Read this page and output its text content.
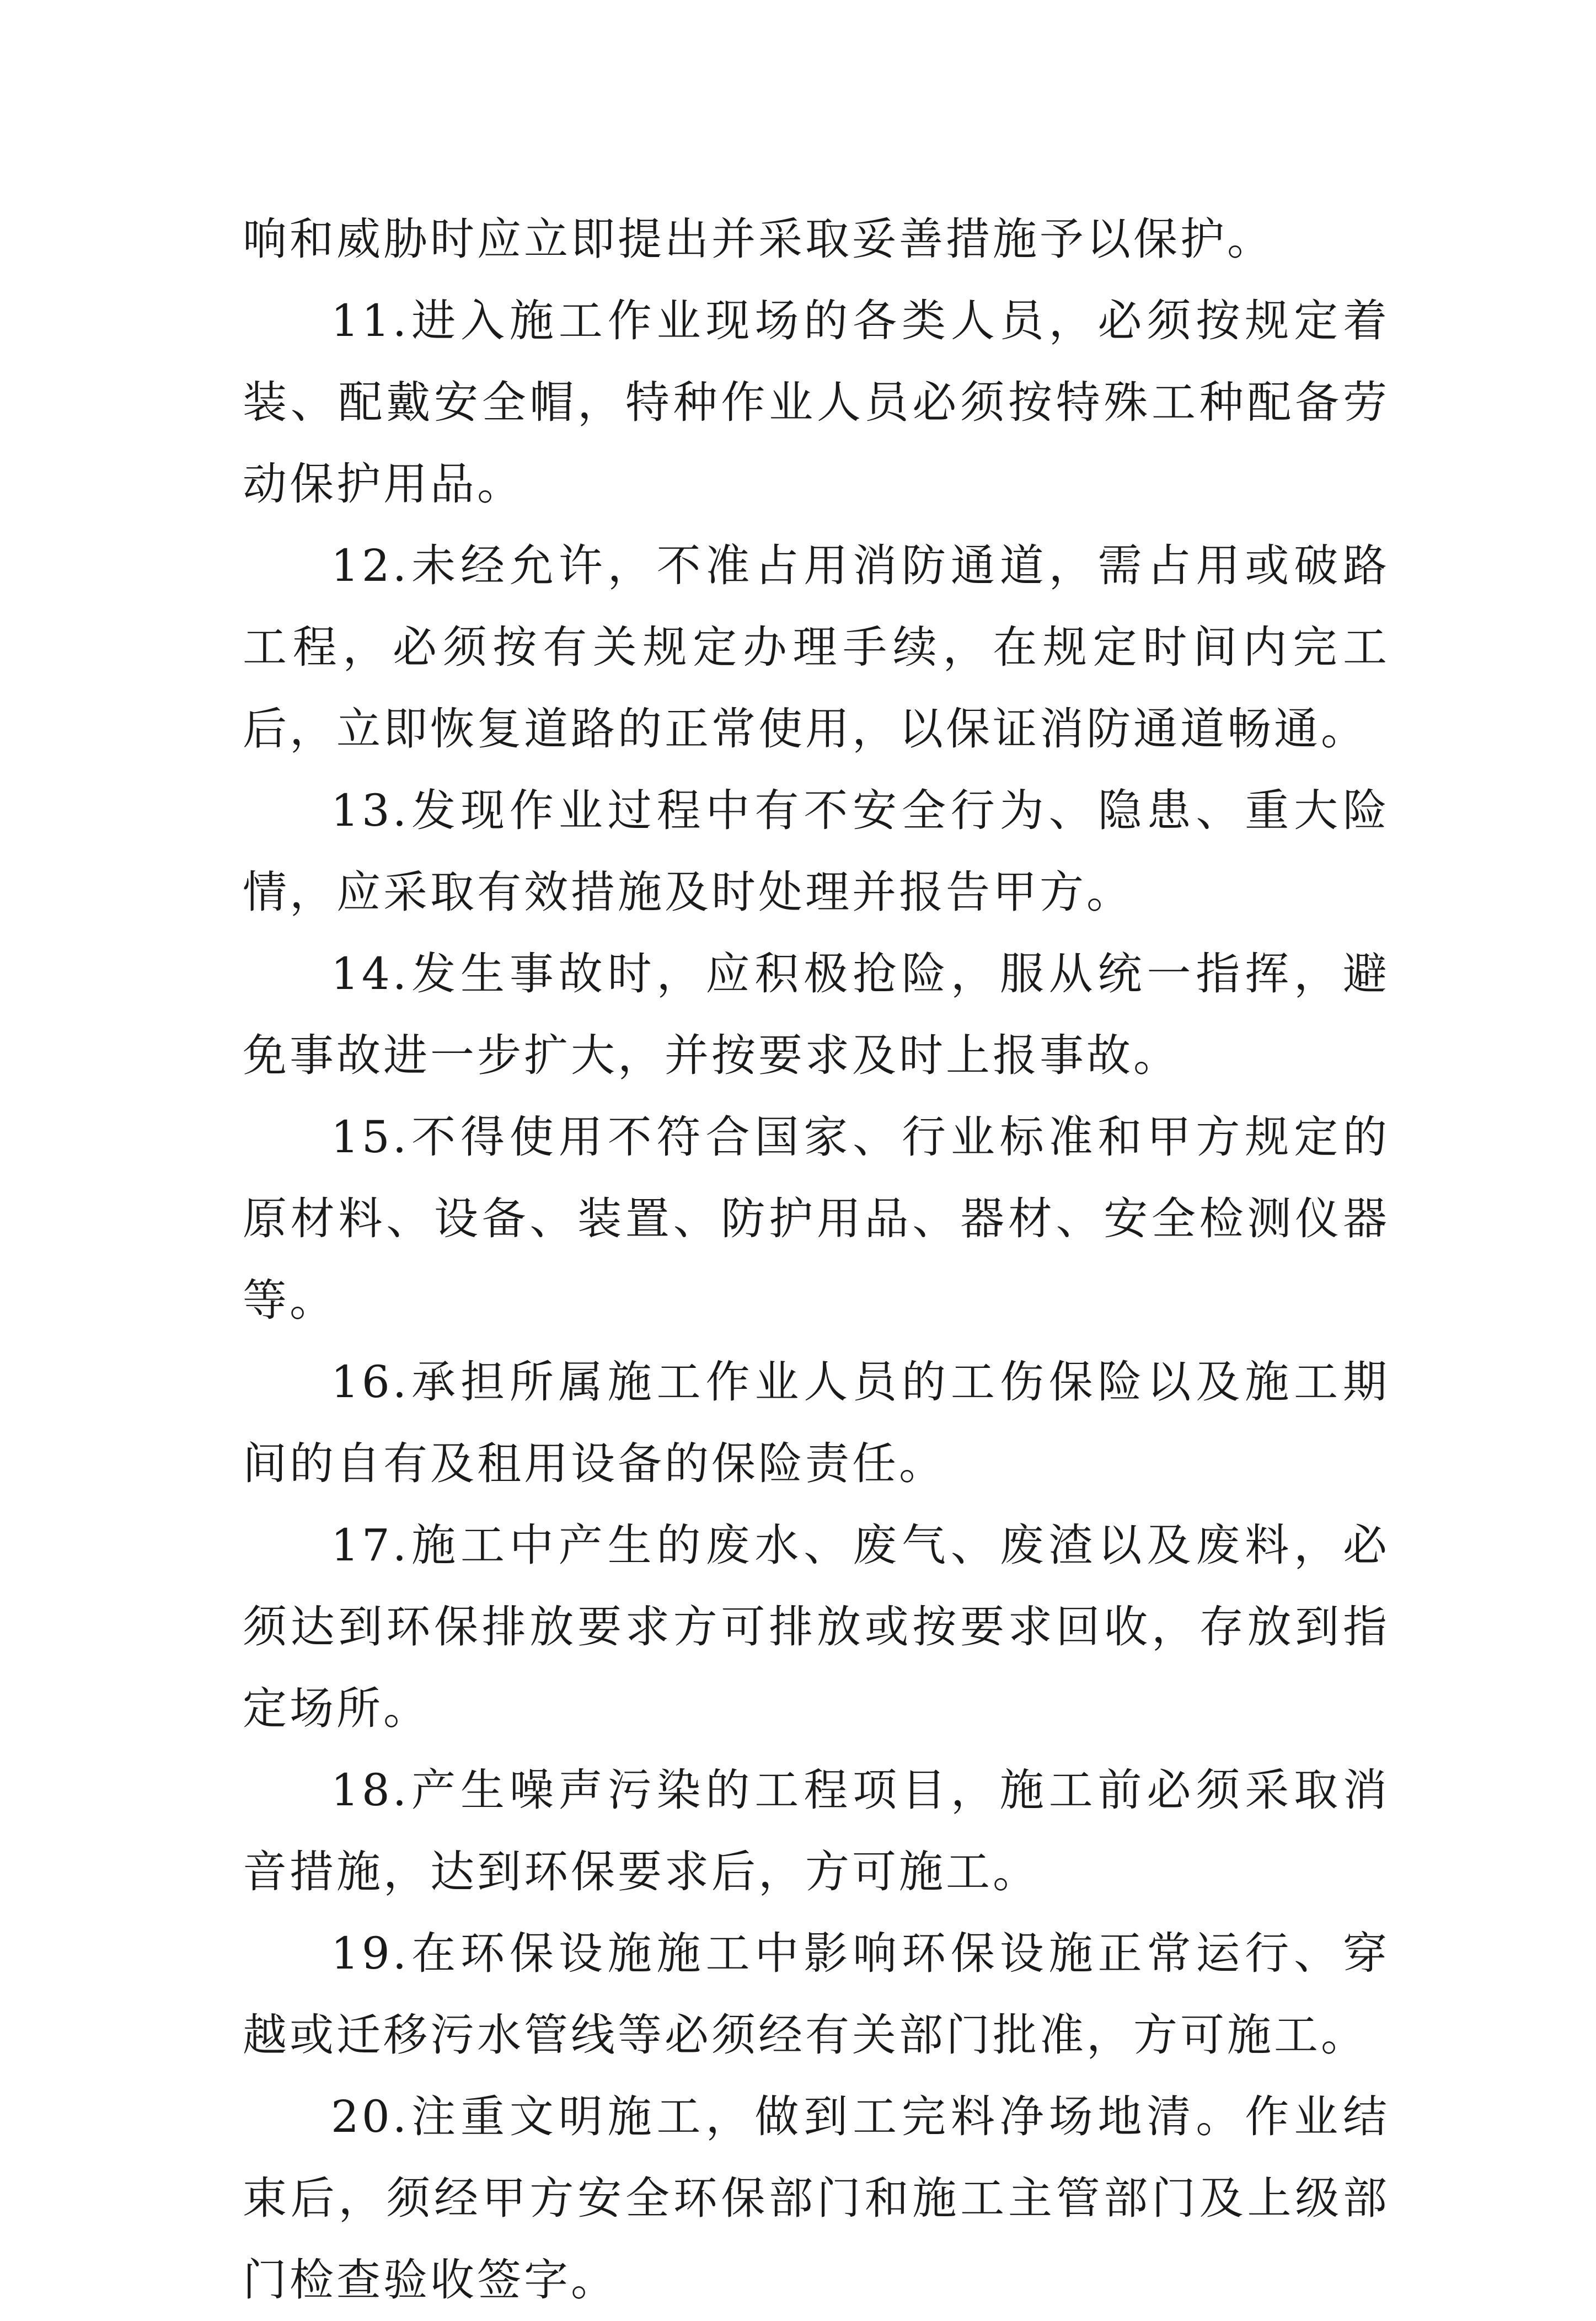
响和威胁时应立即提出并采取妥善措施予以保护。

11.进入施工作业现场的各类人员，必须按规定着装、配戴安全帽，特种作业人员必须按特殊工种配备劳动保护用品。

12.未经允许，不准占用消防通道，需占用或破路工程，必须按有关规定办理手续，在规定时间内完工后，立即恢复道路的正常使用，以保证消防通道畅通。

13.发现作业过程中有不安全行为、隐患、重大险情，应采取有效措施及时处理并报告甲方。

14.发生事故时，应积极抢险，服从统一指挥，避免事故进一步扩大，并按要求及时上报事故。

15.不得使用不符合国家、行业标准和甲方规定的原材料、设备、装置、防护用品、器材、安全检测仪器等。

16.承担所属施工作业人员的工伤保险以及施工期间的自有及租用设备的保险责任。

17.施工中产生的废水、废气、废渣以及废料，必须达到环保排放要求方可排放或按要求回收，存放到指定场所。

18.产生噪声污染的工程项目，施工前必须采取消音措施，达到环保要求后，方可施工。

19.在环保设施施工中影响环保设施正常运行、穿越或迁移污水管线等必须经有关部门批准，方可施工。

20.注重文明施工，做到工完料净场地清。作业结束后，须经甲方安全环保部门和施工主管部门及上级部门检查验收签字。
